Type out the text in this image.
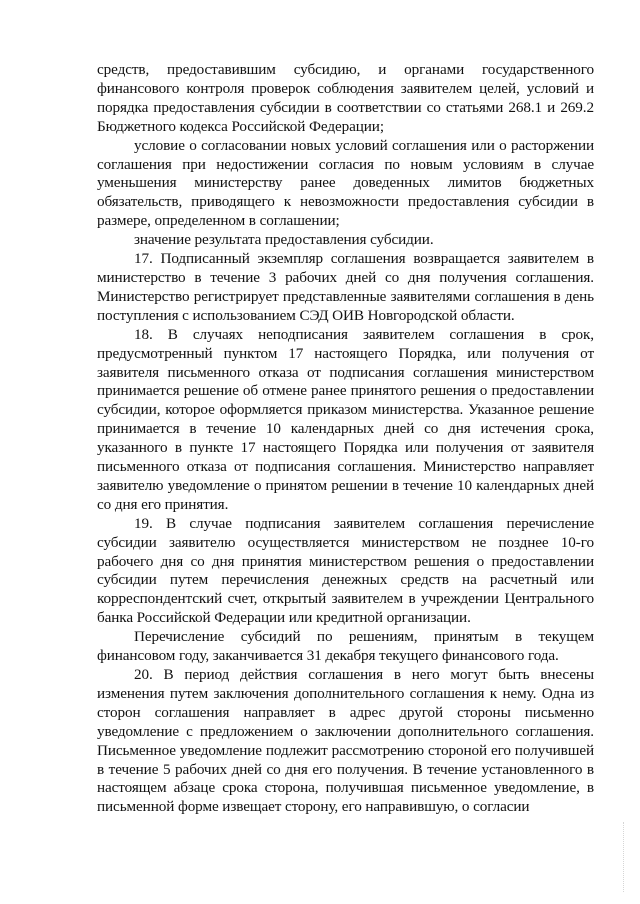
средств, предоставившим субсидию, и органами государственного финансового контроля проверок соблюдения заявителем целей, условий и порядка предоставления субсидии в соответствии со статьями 268.1 и 269.2 Бюджетного кодекса Российской Федерации;

условие о согласовании новых условий соглашения или о расторжении соглашения при недостижении согласия по новым условиям в случае уменьшения министерству ранее доведенных лимитов бюджетных обязательств, приводящего к невозможности предоставления субсидии в размере, определенном в соглашении;

значение результата предоставления субсидии.

17. Подписанный экземпляр соглашения возвращается заявителем в министерство в течение 3 рабочих дней со дня получения соглашения. Министерство регистрирует представленные заявителями соглашения в день поступления с использованием СЭД ОИВ Новгородской области.

18. В случаях неподписания заявителем соглашения в срок, предусмотренный пунктом 17 настоящего Порядка, или получения от заявителя письменного отказа от подписания соглашения министерством принимается решение об отмене ранее принятого решения о предоставлении субсидии, которое оформляется приказом министерства. Указанное решение принимается в течение 10 календарных дней со дня истечения срока, указанного в пункте 17 настоящего Порядка или получения от заявителя письменного отказа от подписания соглашения. Министерство направляет заявителю уведомление о принятом решении в течение 10 календарных дней со дня его принятия.

19. В случае подписания заявителем соглашения перечисление субсидии заявителю осуществляется министерством не позднее 10-го рабочего дня со дня принятия министерством решения о предоставлении субсидии путем перечисления денежных средств на расчетный или корреспондентский счет, открытый заявителем в учреждении Центрального банка Российской Федерации или кредитной организации.

Перечисление субсидий по решениям, принятым в текущем финансовом году, заканчивается 31 декабря текущего финансового года.

20. В период действия соглашения в него могут быть внесены изменения путем заключения дополнительного соглашения к нему. Одна из сторон соглашения направляет в адрес другой стороны письменно уведомление с предложением о заключении дополнительного соглашения. Письменное уведомление подлежит рассмотрению стороной его получившей в течение 5 рабочих дней со дня его получения. В течение установленного в настоящем абзаце срока сторона, получившая письменное уведомление, в письменной форме извещает сторону, его направившую, о согласии
